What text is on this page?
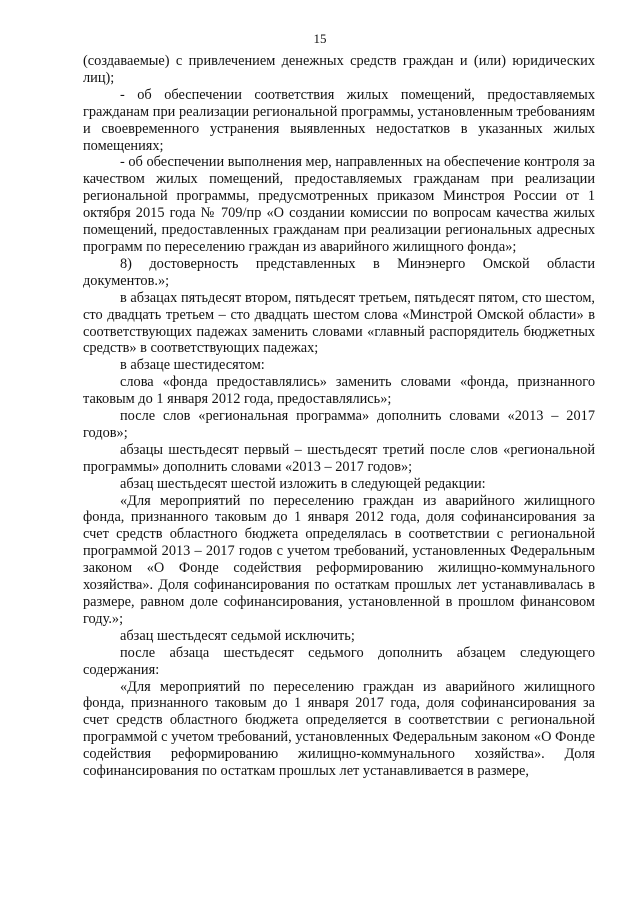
15

(создаваемые) с привлечением денежных средств граждан и (или) юридических лиц);

- об обеспечении соответствия жилых помещений, предоставляемых гражданам при реализации региональной программы, установленным требованиям и своевременного устранения выявленных недостатков в указанных жилых помещениях;

- об обеспечении выполнения мер, направленных на обеспечение контроля за качеством жилых помещений, предоставляемых гражданам при реализации региональной программы, предусмотренных приказом Минстроя России от 1 октября 2015 года № 709/пр «О создании комиссии по вопросам качества жилых помещений, предоставленных гражданам при реализации региональных адресных программ по переселению граждан из аварийного жилищного фонда»;

8) достоверность представленных в Минэнерго Омской области документов.»;

в абзацах пятьдесят втором, пятьдесят третьем, пятьдесят пятом, сто шестом, сто двадцать третьем – сто двадцать шестом слова «Минстрой Омской области» в соответствующих падежах заменить словами «главный распорядитель бюджетных средств» в соответствующих падежах;

в абзаце шестидесятом:

слова «фонда предоставлялись» заменить словами «фонда, признанного таковым до 1 января 2012 года, предоставлялись»;

после слов «региональная программа» дополнить словами «2013 – 2017 годов»;

абзацы шестьдесят первый – шестьдесят третий после слов «региональной программы» дополнить словами «2013 – 2017 годов»;

абзац шестьдесят шестой изложить в следующей редакции:

«Для мероприятий по переселению граждан из аварийного жилищного фонда, признанного таковым до 1 января 2012 года, доля софинансирования за счет средств областного бюджета определялась в соответствии с региональной программой 2013 – 2017 годов с учетом требований, установленных Федеральным законом «О Фонде содействия реформированию жилищно-коммунального хозяйства». Доля софинансирования по остаткам прошлых лет устанавливалась в размере, равном доле софинансирования, установленной в прошлом финансовом году.»;

абзац шестьдесят седьмой исключить;

после абзаца шестьдесят седьмого дополнить абзацем следующего содержания:

«Для мероприятий по переселению граждан из аварийного жилищного фонда, признанного таковым до 1 января 2017 года, доля софинансирования за счет средств областного бюджета определяется в соответствии с региональной программой с учетом требований, установленных Федеральным законом «О Фонде содействия реформированию жилищно-коммунального хозяйства». Доля софинансирования по остаткам прошлых лет устанавливается в размере,
